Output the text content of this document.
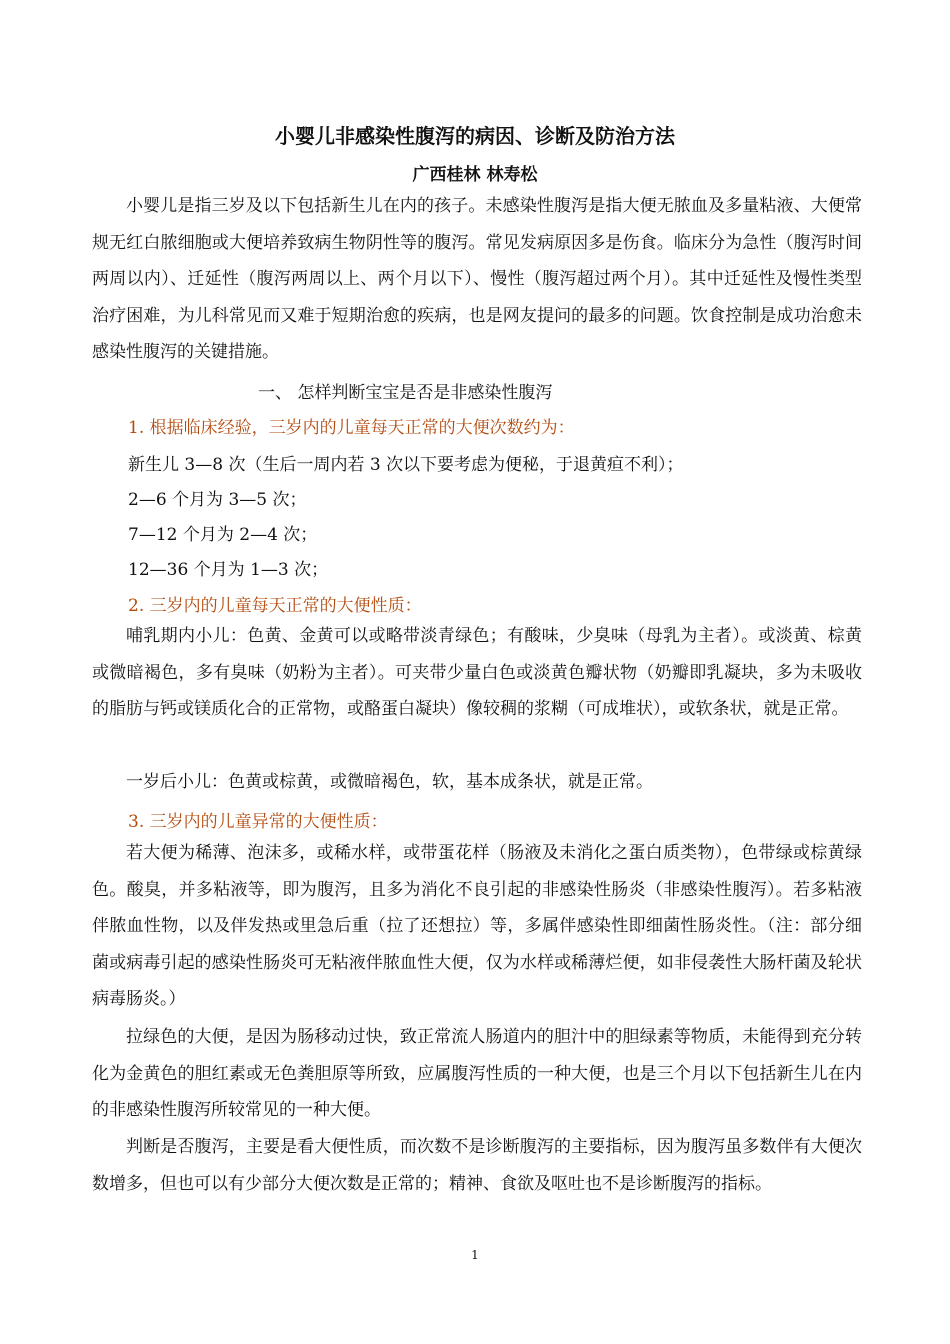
小婴儿非感染性腹泻的病因、诊断及防治方法
广西桂林 林寿松

小婴儿是指三岁及以下包括新生儿在内的孩子。未感染性腹泻是指大便无脓血及多量粘液、大便常规无红白脓细胞或大便培养致病生物阴性等的腹泻。常见发病原因多是伤食。临床分为急性（腹泻时间两周以内）、迁延性（腹泻两周以上、两个月以下）、慢性（腹泻超过两个月）。其中迁延性及慢性类型治疗困难，为儿科常见而又难于短期治愈的疾病，也是网友提问的最多的问题。饮食控制是成功治愈未感染性腹泻的关键措施。

一、 怎样判断宝宝是否是非感染性腹泻
1. 根据临床经验，三岁内的儿童每天正常的大便次数约为：

新生儿 3—8 次（生后一周内若 3 次以下要考虑为便秘，于退黄疸不利）；

2—6 个月为 3—5 次；

7—12 个月为 2—4 次；

12—36 个月为 1—3 次；

2. 三岁内的儿童每天正常的大便性质：

哺乳期内小儿：色黄、金黄可以或略带淡青绿色；有酸味，少臭味（母乳为主者）。或淡黄、棕黄或微暗褐色，多有臭味（奶粉为主者）。可夹带少量白色或淡黄色瓣状物（奶瓣即乳凝块，多为未吸收的脂肪与钙或镁质化合的正常物，或酪蛋白凝块）像较稠的浆糊（可成堆状），或软条状，就是正常。

一岁后小儿：色黄或棕黄，或微暗褐色，软，基本成条状，就是正常。

3. 三岁内的儿童异常的大便性质：

若大便为稀薄、泡沫多，或稀水样，或带蛋花样（肠液及未消化之蛋白质类物），色带绿或棕黄绿色。酸臭，并多粘液等，即为腹泻，且多为消化不良引起的非感染性肠炎（非感染性腹泻）。若多粘液伴脓血性物，以及伴发热或里急后重（拉了还想拉）等，多属伴感染性即细菌性肠炎性。（注：部分细菌或病毒引起的感染性肠炎可无粘液伴脓血性大便，仅为水样或稀薄烂便，如非侵袭性大肠杆菌及轮状病毒肠炎。）

拉绿色的大便，是因为肠移动过快，致正常流人肠道内的胆汁中的胆绿素等物质，未能得到充分转化为金黄色的胆红素或无色粪胆原等所致，应属腹泻性质的一种大便，也是三个月以下包括新生儿在内的非感染性腹泻所较常见的一种大便。

判断是否腹泻，主要是看大便性质，而次数不是诊断腹泻的主要指标，因为腹泻虽多数伴有大便次数增多，但也可以有少部分大便次数是正常的；精神、食欲及呕吐也不是诊断腹泻的指标。

1
